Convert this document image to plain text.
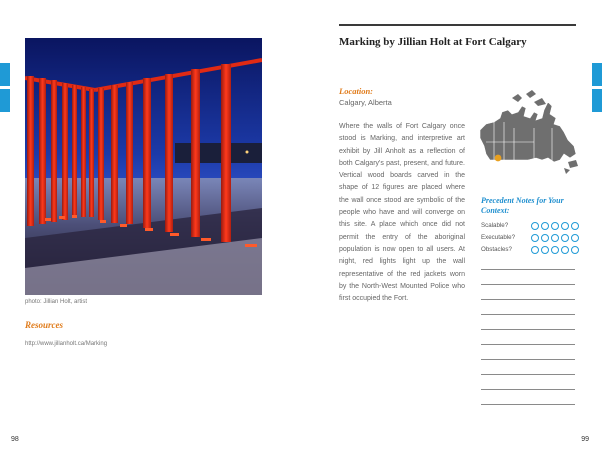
photo: Jillian Holt, artist
Resources
http://www.jillanholt.ca/Marking
98
Marking by Jillian Holt at Fort Calgary
Location:
Calgary, Alberta

Where the walls of Fort Calgary once stood is Marking, and interpretive art exhibit by Jill Anholt as a reflection of both Calgary's past, present, and future. Vertical wood boards carved in the shape of 12 figures are placed where the wall once stood are symbolic of the people who have and will converge on this site. A place which once did not permit the entry of the aboriginal population is now open to all users. At night, red lights light up the wall representative of the red jackets worn by the North-West Mounted Police who first occupied the Fort.

Precedent Notes for Your Context:
Scalable?
Executable?
Obstacles?
99
